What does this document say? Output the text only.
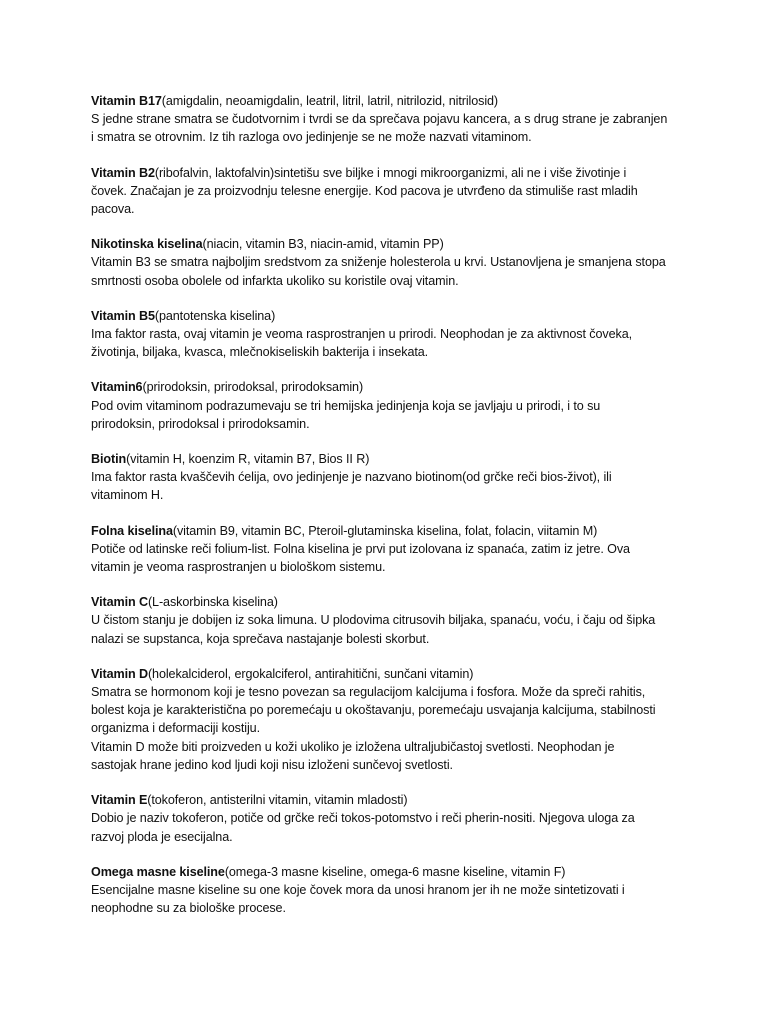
Vitamin B17(amigdalin, neoamigdalin, leatril, litril, latril, nitrilozid, nitrilosid)
S jedne strane smatra se čudotvornim i tvrdi se da sprečava pojavu kancera, a s drug strane je zabranjen
i smatra se otrovnim. Iz tih razloga ovo jedinjenje se ne može nazvati vitaminom.
Vitamin B2(ribofalvin, laktofalvin)sintetišu sve biljke i mnogi mikroorganizmi, ali ne i više životinje i
čovek. Značajan je za proizvodnju telesne energije. Kod pacova je utvrđeno da stimuliše rast mladih
pacova.
Nikotinska kiselina(niacin, vitamin B3, niacin-amid, vitamin PP)
Vitamin B3 se smatra najboljim sredstvom za sniženje holesterola u krvi. Ustanovljena je smanjena stopa
smrtnosti osoba obolele od infarkta ukoliko su koristile ovaj vitamin.
Vitamin B5(pantotenska kiselina)
Ima faktor rasta, ovaj vitamin je veoma rasprostranjen u prirodi. Neophodan je za aktivnost čoveka,
životinja, biljaka, kvasca, mlečnokiseliskih bakterija i insekata.
Vitamin6(prirodoksin, prirodoksal, prirodoksamin)
Pod ovim vitaminom podrazumevaju se tri hemijska jedinjenja koja se javljaju u prirodi, i to su
prirodoksin, prirodoksal i prirodoksamin.
Biotin(vitamin H, koenzim R, vitamin B7, Bios II R)
Ima faktor rasta kvaščevih ćelija, ovo jedinjenje je nazvano biotinom(od grčke reči bios-život), ili
vitaminom H.
Folna kiselina(vitamin B9, vitamin BC, Pteroil-glutaminska kiselina, folat, folacin, viitamin M)
Potiče od latinske reči folium-list. Folna kiselina je prvi put izolovana iz spanaća, zatim iz jetre. Ova
vitamin je veoma rasprostranjen u biološkom sistemu.
Vitamin C(L-askorbinska kiselina)
U čistom stanju je dobijen iz soka limuna. U plodovima citrusovih biljaka, spanaću, voću, i čaju od šipka
nalazi se supstanca, koja sprečava nastajanje bolesti skorbut.
Vitamin D(holekalciderol, ergokalciferol, antirahitični, sunčani vitamin)
Smatra se hormonom koji je tesno povezan sa regulacijom kalcijuma i fosfora. Može da spreči rahitis,
bolest koja je karakteristična po poremećaju u okoštavanju, poremećaju usvajanja kalcijuma, stabilnosti
organizma i deformaciji kostiju.
Vitamin D može biti proizveden u koži ukoliko je izložena ultraljubičastoj svetlosti. Neophodan je
sastojak hrane jedino kod ljudi koji nisu izloženi sunčevoj svetlosti.
Vitamin E(tokoferon, antisterilni vitamin, vitamin mladosti)
Dobio je naziv tokoferon, potiče od grčke reči tokos-potomstvo i reči pherin-nositi. Njegova uloga za
razvoj ploda je esecijalna.
Omega masne kiseline(omega-3 masne kiseline, omega-6 masne kiseline, vitamin F)
Esencijalne masne kiseline su one koje čovek mora da unosi hranom jer ih ne može sintetizovati i
neophodne su za biološke procese.
